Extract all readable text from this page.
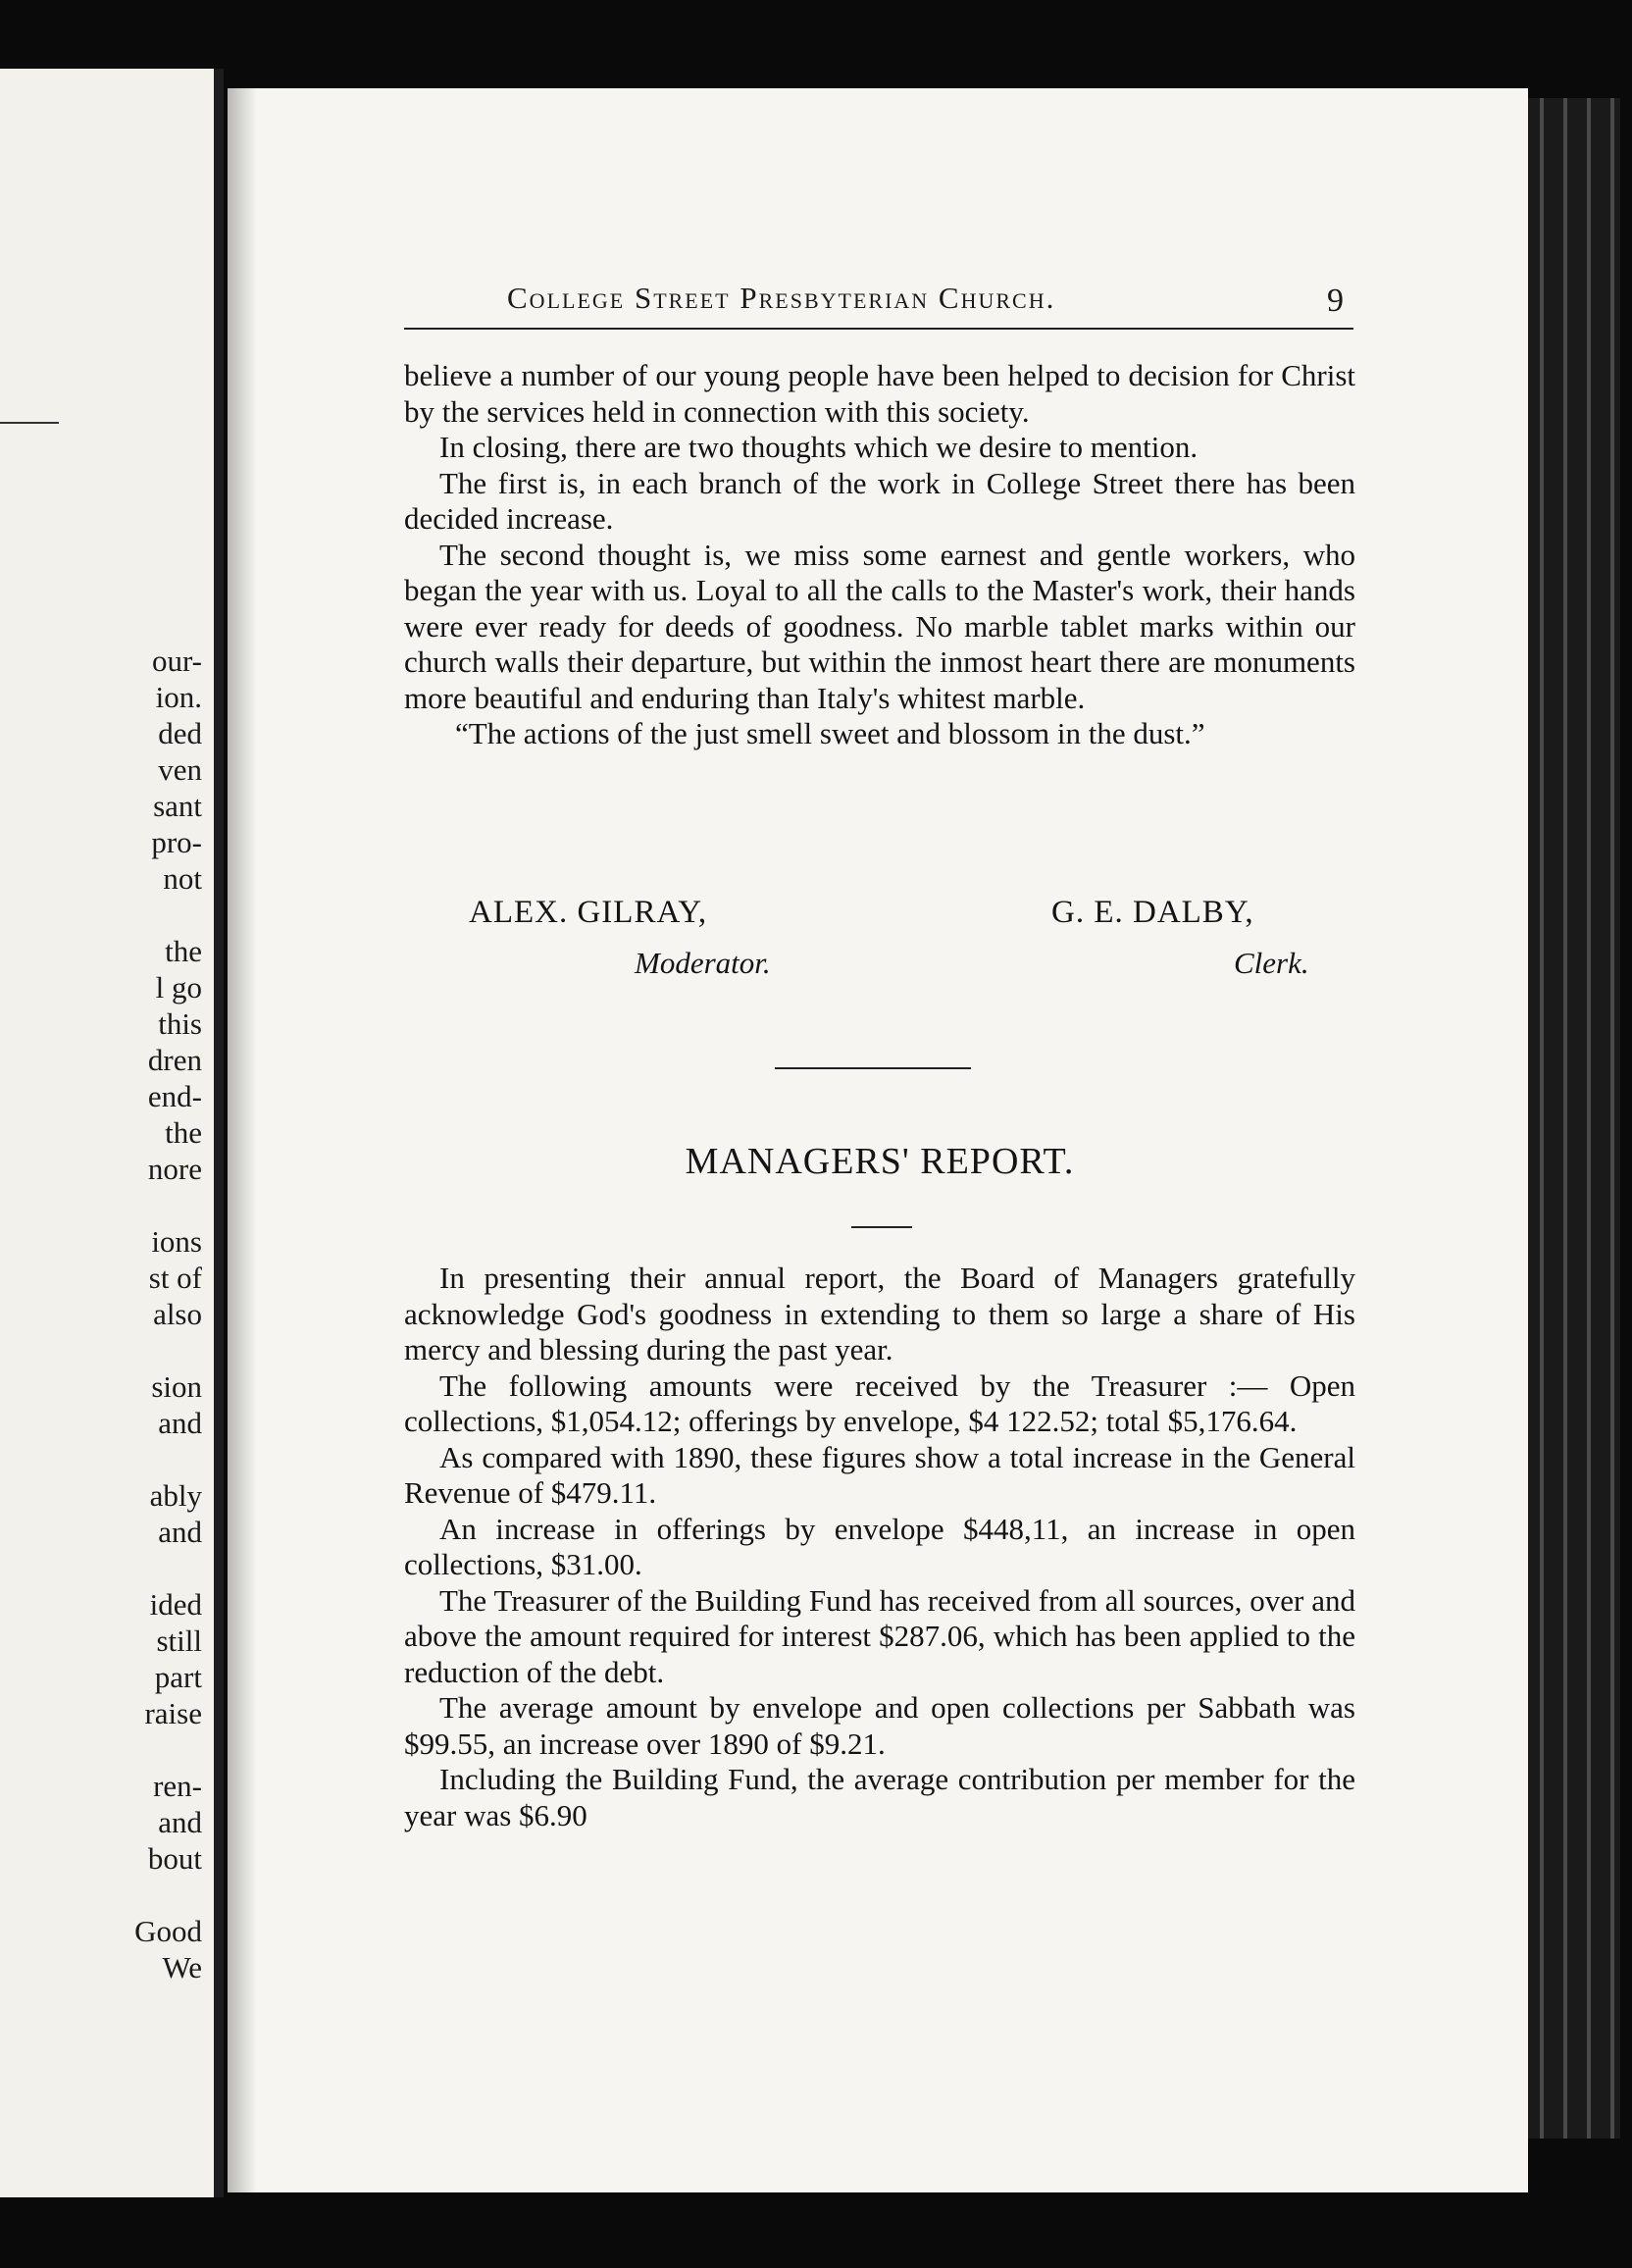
our-
ion.
ded
ven
sant
pro-
not
the
l go
this
dren
end-
the
nore
ions
st of
also
sion
and
ably
and
ided
still
part
raise
ren-
and
bout
Good
We
College Street Presbyterian Church.	9

believe a number of our young people have been helped to decision for Christ by the services held in connection with this society.

In closing, there are two thoughts which we desire to mention.

The first is, in each branch of the work in College Street there has been decided increase.

The second thought is, we miss some earnest and gentle workers, who began the year with us. Loyal to all the calls to the Master's work, their hands were ever ready for deeds of goodness. No marble tablet marks within our church walls their departure, but within the inmost heart there are monuments more beautiful and enduring than Italy's whitest marble.

“The actions of the just smell sweet and blossom in the dust.”

ALEX. GILRAY,
Moderator.
G. E. DALBY,
Clerk.
MANAGERS' REPORT.

In presenting their annual report, the Board of Managers gratefully acknowledge God's goodness in extending to them so large a share of His mercy and blessing during the past year.

The following amounts were received by the Treasurer :— Open collections, $1,054.12; offerings by envelope, $4 122.52; total $5,176.64.

As compared with 1890, these figures show a total increase in the General Revenue of $479.11.

An increase in offerings by envelope $448,11, an increase in open collections, $31.00.

The Treasurer of the Building Fund has received from all sources, over and above the amount required for interest $287.06, which has been applied to the reduction of the debt.

The average amount by envelope and open collections per Sabbath was $99.55, an increase over 1890 of $9.21.

Including the Building Fund, the average contribution per member for the year was $6.90
